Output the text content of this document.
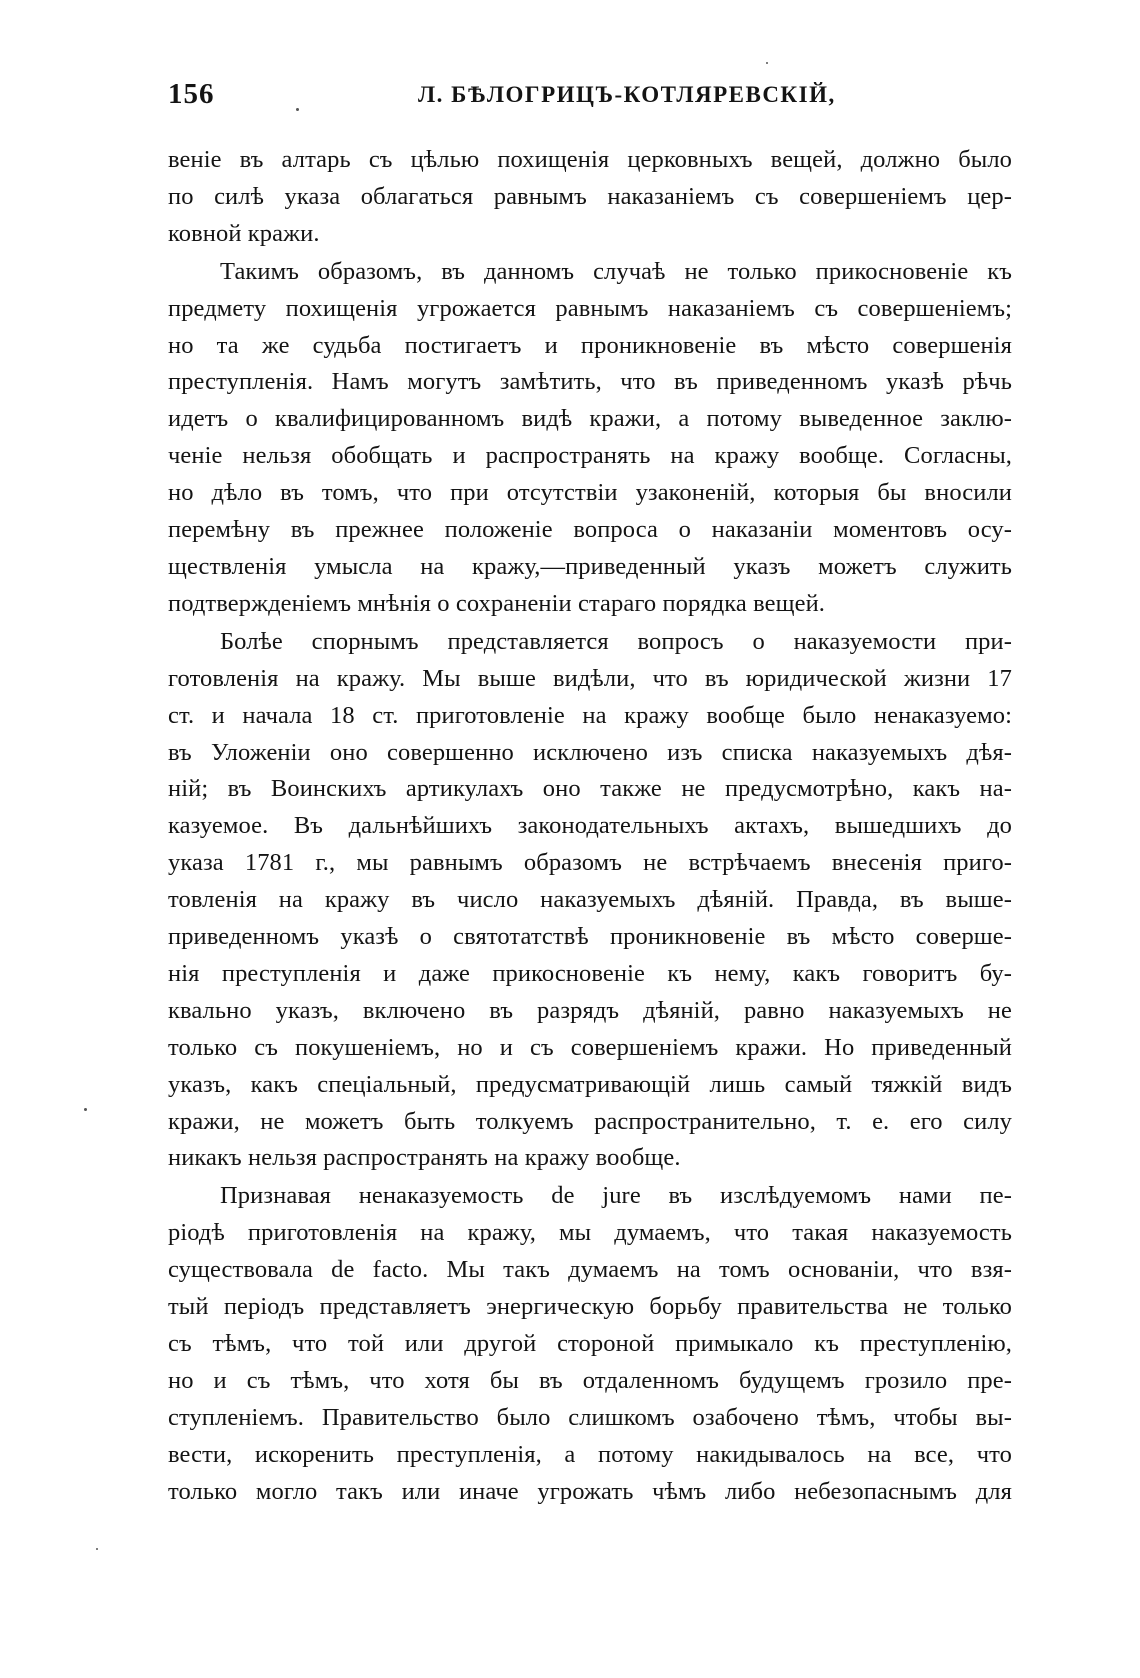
156	Л. БѢЛОГРИЦЪ-КОТЛЯРЕВСКІЙ,

веніе въ алтарь съ цѣлью похищенія церковныхъ вещей, должно было
по силѣ указа облагаться равнымъ наказаніемъ съ совершеніемъ цер-
ковной кражи.

Такимъ образомъ, въ данномъ случаѣ не только прикосновеніе къ
предмету похищенія угрожается равнымъ наказаніемъ съ совершеніемъ;
но та же судьба постигаетъ и проникновеніе въ мѣсто совершенія
преступленія. Намъ могутъ замѣтить, что въ приведенномъ указѣ рѣчь
идетъ о квалифицированномъ видѣ кражи, а потому выведенное заклю-
ченіе нельзя обобщать и распространять на кражу вообще. Согласны,
но дѣло въ томъ, что при отсутствіи узаконеній, которыя бы вносили
перемѣну въ прежнее положеніе вопроса о наказаніи моментовъ осу-
ществленія умысла на кражу,—приведенный указъ можетъ служить
подтвержденіемъ мнѣнія о сохраненіи стараго порядка вещей.

Болѣе спорнымъ представляется вопросъ о наказуемости при-
готовленія на кражу. Мы выше видѣли, что въ юридической жизни 17
ст. и начала 18 ст. приготовленіе на кражу вообще было ненаказуемо:
въ Уложеніи оно совершенно исключено изъ списка наказуемыхъ дѣя-
ній; въ Воинскихъ артикулахъ оно также не предусмотрѣно, какъ на-
казуемое. Въ дальнѣйшихъ законодательныхъ актахъ, вышедшихъ до
указа 1781 г., мы равнымъ образомъ не встрѣчаемъ внесенія приго-
товленія на кражу въ число наказуемыхъ дѣяній. Правда, въ выше-
приведенномъ указѣ о святотатствѣ проникновеніе въ мѣсто соверше-
нія преступленія и даже прикосновеніе къ нему, какъ говоритъ бу-
квально указъ, включено въ разрядъ дѣяній, равно наказуемыхъ не
только съ покушеніемъ, но и съ совершеніемъ кражи. Но приведенный
указъ, какъ спеціальный, предусматривающій лишь самый тяжкій видъ
кражи, не можетъ быть толкуемъ распространительно, т. е. его силу
никакъ нельзя распространять на кражу вообще.

Признавая ненаказуемость de jure въ изслѣдуемомъ нами пе-
ріодѣ приготовленія на кражу, мы думаемъ, что такая наказуемость
существовала de facto. Мы такъ думаемъ на томъ основаніи, что взя-
тый періодъ представляетъ энергическую борьбу правительства не только
съ тѣмъ, что той или другой стороной примыкало къ преступленію,
но и съ тѣмъ, что хотя бы въ отдаленномъ будущемъ грозило пре-
ступленіемъ. Правительство было слишкомъ озабочено тѣмъ, чтобы вы-
вести, искоренить преступленія, а потому накидывалось на все, что
только могло такъ или иначе угрожать чѣмъ либо небезопаснымъ для
